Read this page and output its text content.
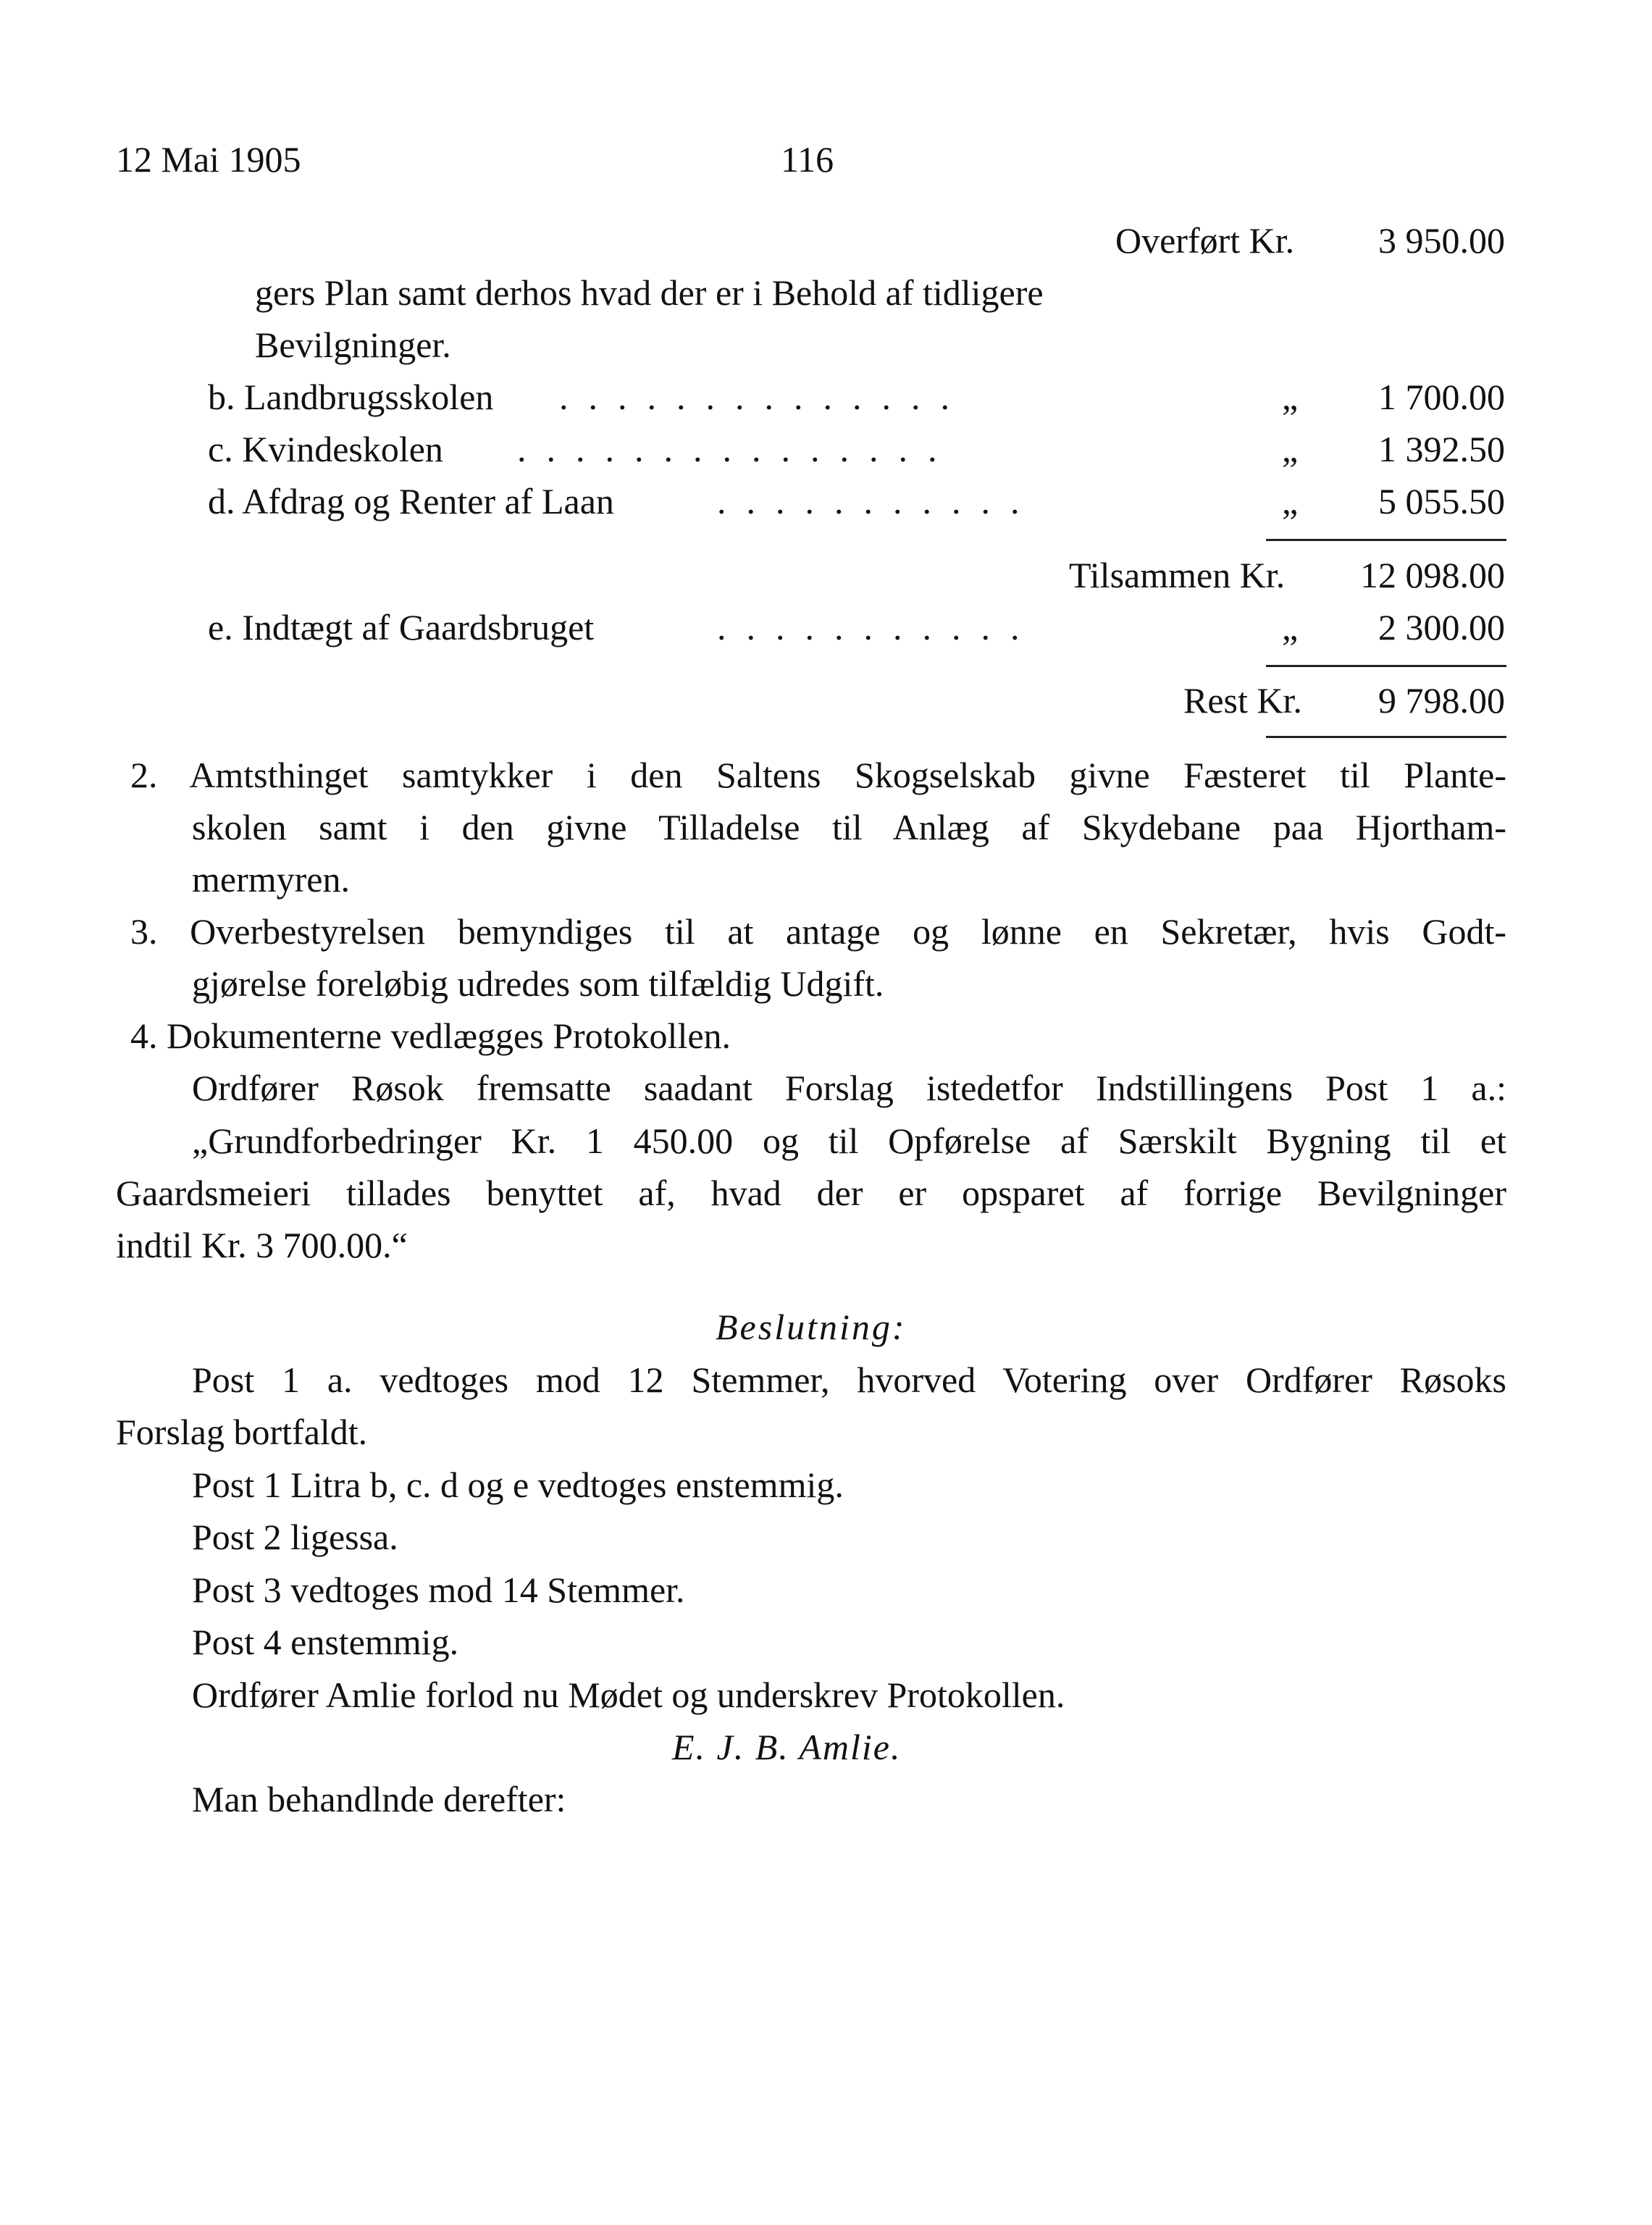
12 Mai 1905	116
Overført Kr.	3 950.00
gers Plan samt derhos hvad der er i Behold af tidligere
Bevilgninger.
b. Landbrugsskolen ..............	„	1 700.00
c. Kvindeskolen ...............	„	1 392.50
d. Afdrag og Renter af Laan	...........	„	5 055.50
Tilsammen Kr.	12 098.00
e. Indtægt af Gaardsbruget	...........	„	2 300.00
Rest Kr.	9 798.00
2. Amtsthinget samtykker i den Saltens Skogselskab givne Fæsteret til Plante-
skolen samt i den givne Tilladelse til Anlæg af Skydebane paa Hjortham-
mermyren.
3. Overbestyrelsen bemyndiges til at antage og lønne en Sekretær, hvis Godt-
gjørelse foreløbig udredes som tilfældig Udgift.
4. Dokumenterne vedlægges Protokollen.
Ordfører Røsok fremsatte saadant Forslag istedetfor Indstillingens Post 1 a.:
„Grundforbedringer Kr. 1 450.00 og til Opførelse af Særskilt Bygning til et
Gaardsmeieri tillades benyttet af, hvad der er opsparet af forrige Bevilgninger
indtil Kr. 3 700.00.“
Beslutning:
Post 1 a. vedtoges mod 12 Stemmer, hvorved Votering over Ordfører Røsoks
Forslag bortfaldt.
Post 1 Litra b, c. d og e vedtoges enstemmig.
Post 2 ligessa.
Post 3 vedtoges mod 14 Stemmer.
Post 4 enstemmig.
Ordfører Amlie forlod nu Mødet og underskrev Protokollen.
E. J. B. Amlie.
Man behandlnde derefter:
